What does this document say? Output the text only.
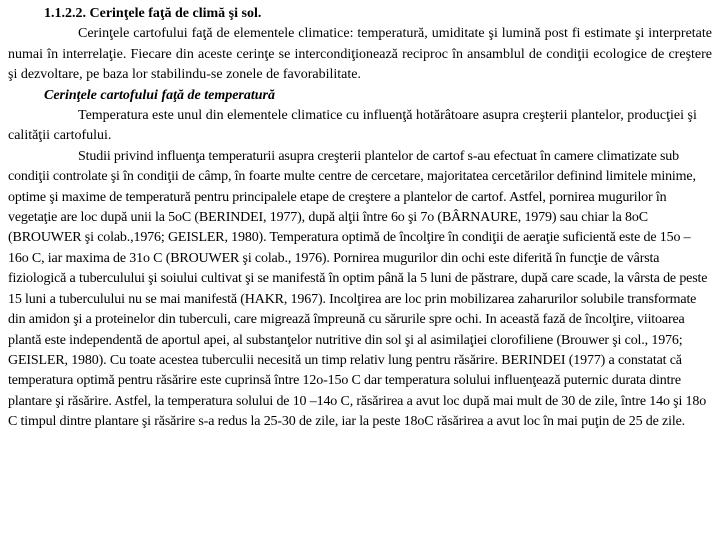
1.1.2.2. Cerinţele faţă de climă şi sol.

Cerinţele cartofului faţă de elementele climatice: temperatură, umiditate şi lumină post fi estimate şi interpretate numai în interrelaţie. Fiecare din aceste cerinţe se intercondiţionează reciproc în ansamblul de condiţii ecologice de creştere şi dezvoltare, pe baza lor stabilindu-se zonele de favorabilitate.

Cerinţele cartofului faţă de temperatură

Temperatura este unul din elementele climatice cu influenţă hotărâtoare asupra creşterii plantelor, producţiei şi calităţii cartofului.

Studii privind influenţa temperaturii asupra creşterii plantelor de cartof s-au efectuat în camere climatizate sub condiţii controlate şi în condiţii de câmp, în foarte multe centre de cercetare, majoritatea cercetărilor definind limitele minime, optime şi maxime de temperatură pentru principalele etape de creştere a plantelor de cartof. Astfel, pornirea mugurilor în vegetaţie are loc după unii la 5oC (BERINDEI, 1977), după alţii între 6o şi 7o (BÂRNAURE, 1979) sau chiar la 8oC (BROUWER şi colab.,1976; GEISLER, 1980). Temperatura optimă de încolţire în condiţii de aeraţie suficientă este de 15o – 16o C, iar maxima de 31o C (BROUWER şi colab., 1976). Pornirea mugurilor din ochi este diferită în funcţie de vârsta fiziologică a tuberculului şi soiului cultivat şi se manifestă în optim până la 5 luni de păstrare, după care scade, la vârsta de peste 15 luni a tuberculului nu se mai manifestă (HAKR, 1967). Incolţirea are loc prin mobilizarea zaharurilor solubile transformate din amidon şi a proteinelor din tuberculi, care migrează împreună cu sărurile spre ochi. In această fază de încolţire, viitoarea plantă este independentă de aportul apei, al substanţelor nutritive din sol şi al asimilaţiei clorofiliene (Brouwer şi col., 1976; GEISLER, 1980). Cu toate acestea tuberculii necesită un timp relativ lung pentru răsărire. BERINDEI (1977) a constatat că temperatura optimă pentru răsărire este cuprinsă între 12o-15o C dar temperatura solului influenţează puternic durata dintre plantare şi răsărire. Astfel, la temperatura solului de 10 –14o C, răsărirea a avut loc după mai mult de 30 de zile, între 14o şi 18o C timpul dintre plantare şi răsărire s-a redus la 25-30 de zile, iar la peste 18oC răsărirea a avut loc în mai puţin de 25 de zile.
